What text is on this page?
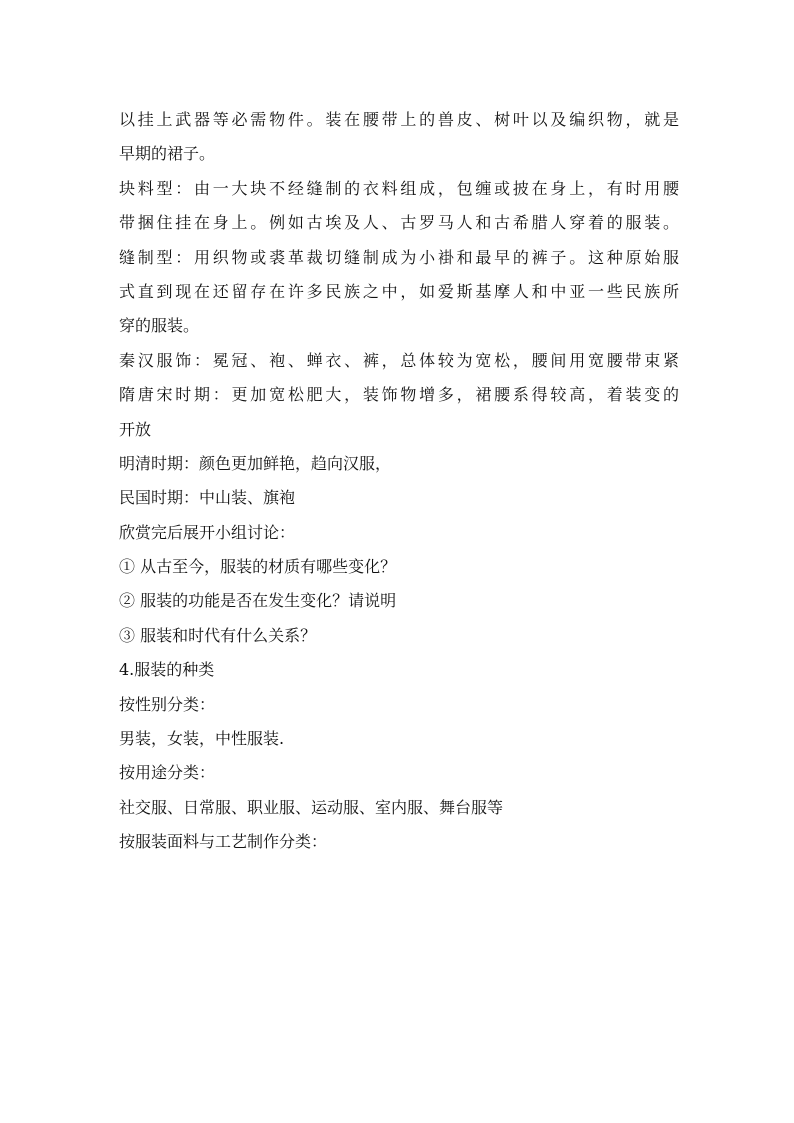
以挂上武器等必需物件。装在腰带上的兽皮、树叶以及编织物，就是
早期的裙子。
块料型：由一大块不经缝制的衣料组成，包缠或披在身上，有时用腰
带捆住挂在身上。例如古埃及人、古罗马人和古希腊人穿着的服装。
缝制型：用织物或裘革裁切缝制成为小褂和最早的裤子。这种原始服
式直到现在还留存在许多民族之中，如爱斯基摩人和中亚一些民族所
穿的服装。
秦汉服饰：冕冠、袍、蝉衣、裤，总体较为宽松，腰间用宽腰带束紧
隋唐宋时期：更加宽松肥大，装饰物增多，裙腰系得较高，着装变的
开放
明清时期：颜色更加鲜艳，趋向汉服，
民国时期：中山装、旗袍
欣赏完后展开小组讨论：
① 从古至今，服装的材质有哪些变化？
② 服装的功能是否在发生变化？请说明
③ 服装和时代有什么关系？
4.服装的种类
按性别分类：
男装，女装，中性服装.
按用途分类：
社交服、日常服、职业服、运动服、室内服、舞台服等
按服装面料与工艺制作分类：
